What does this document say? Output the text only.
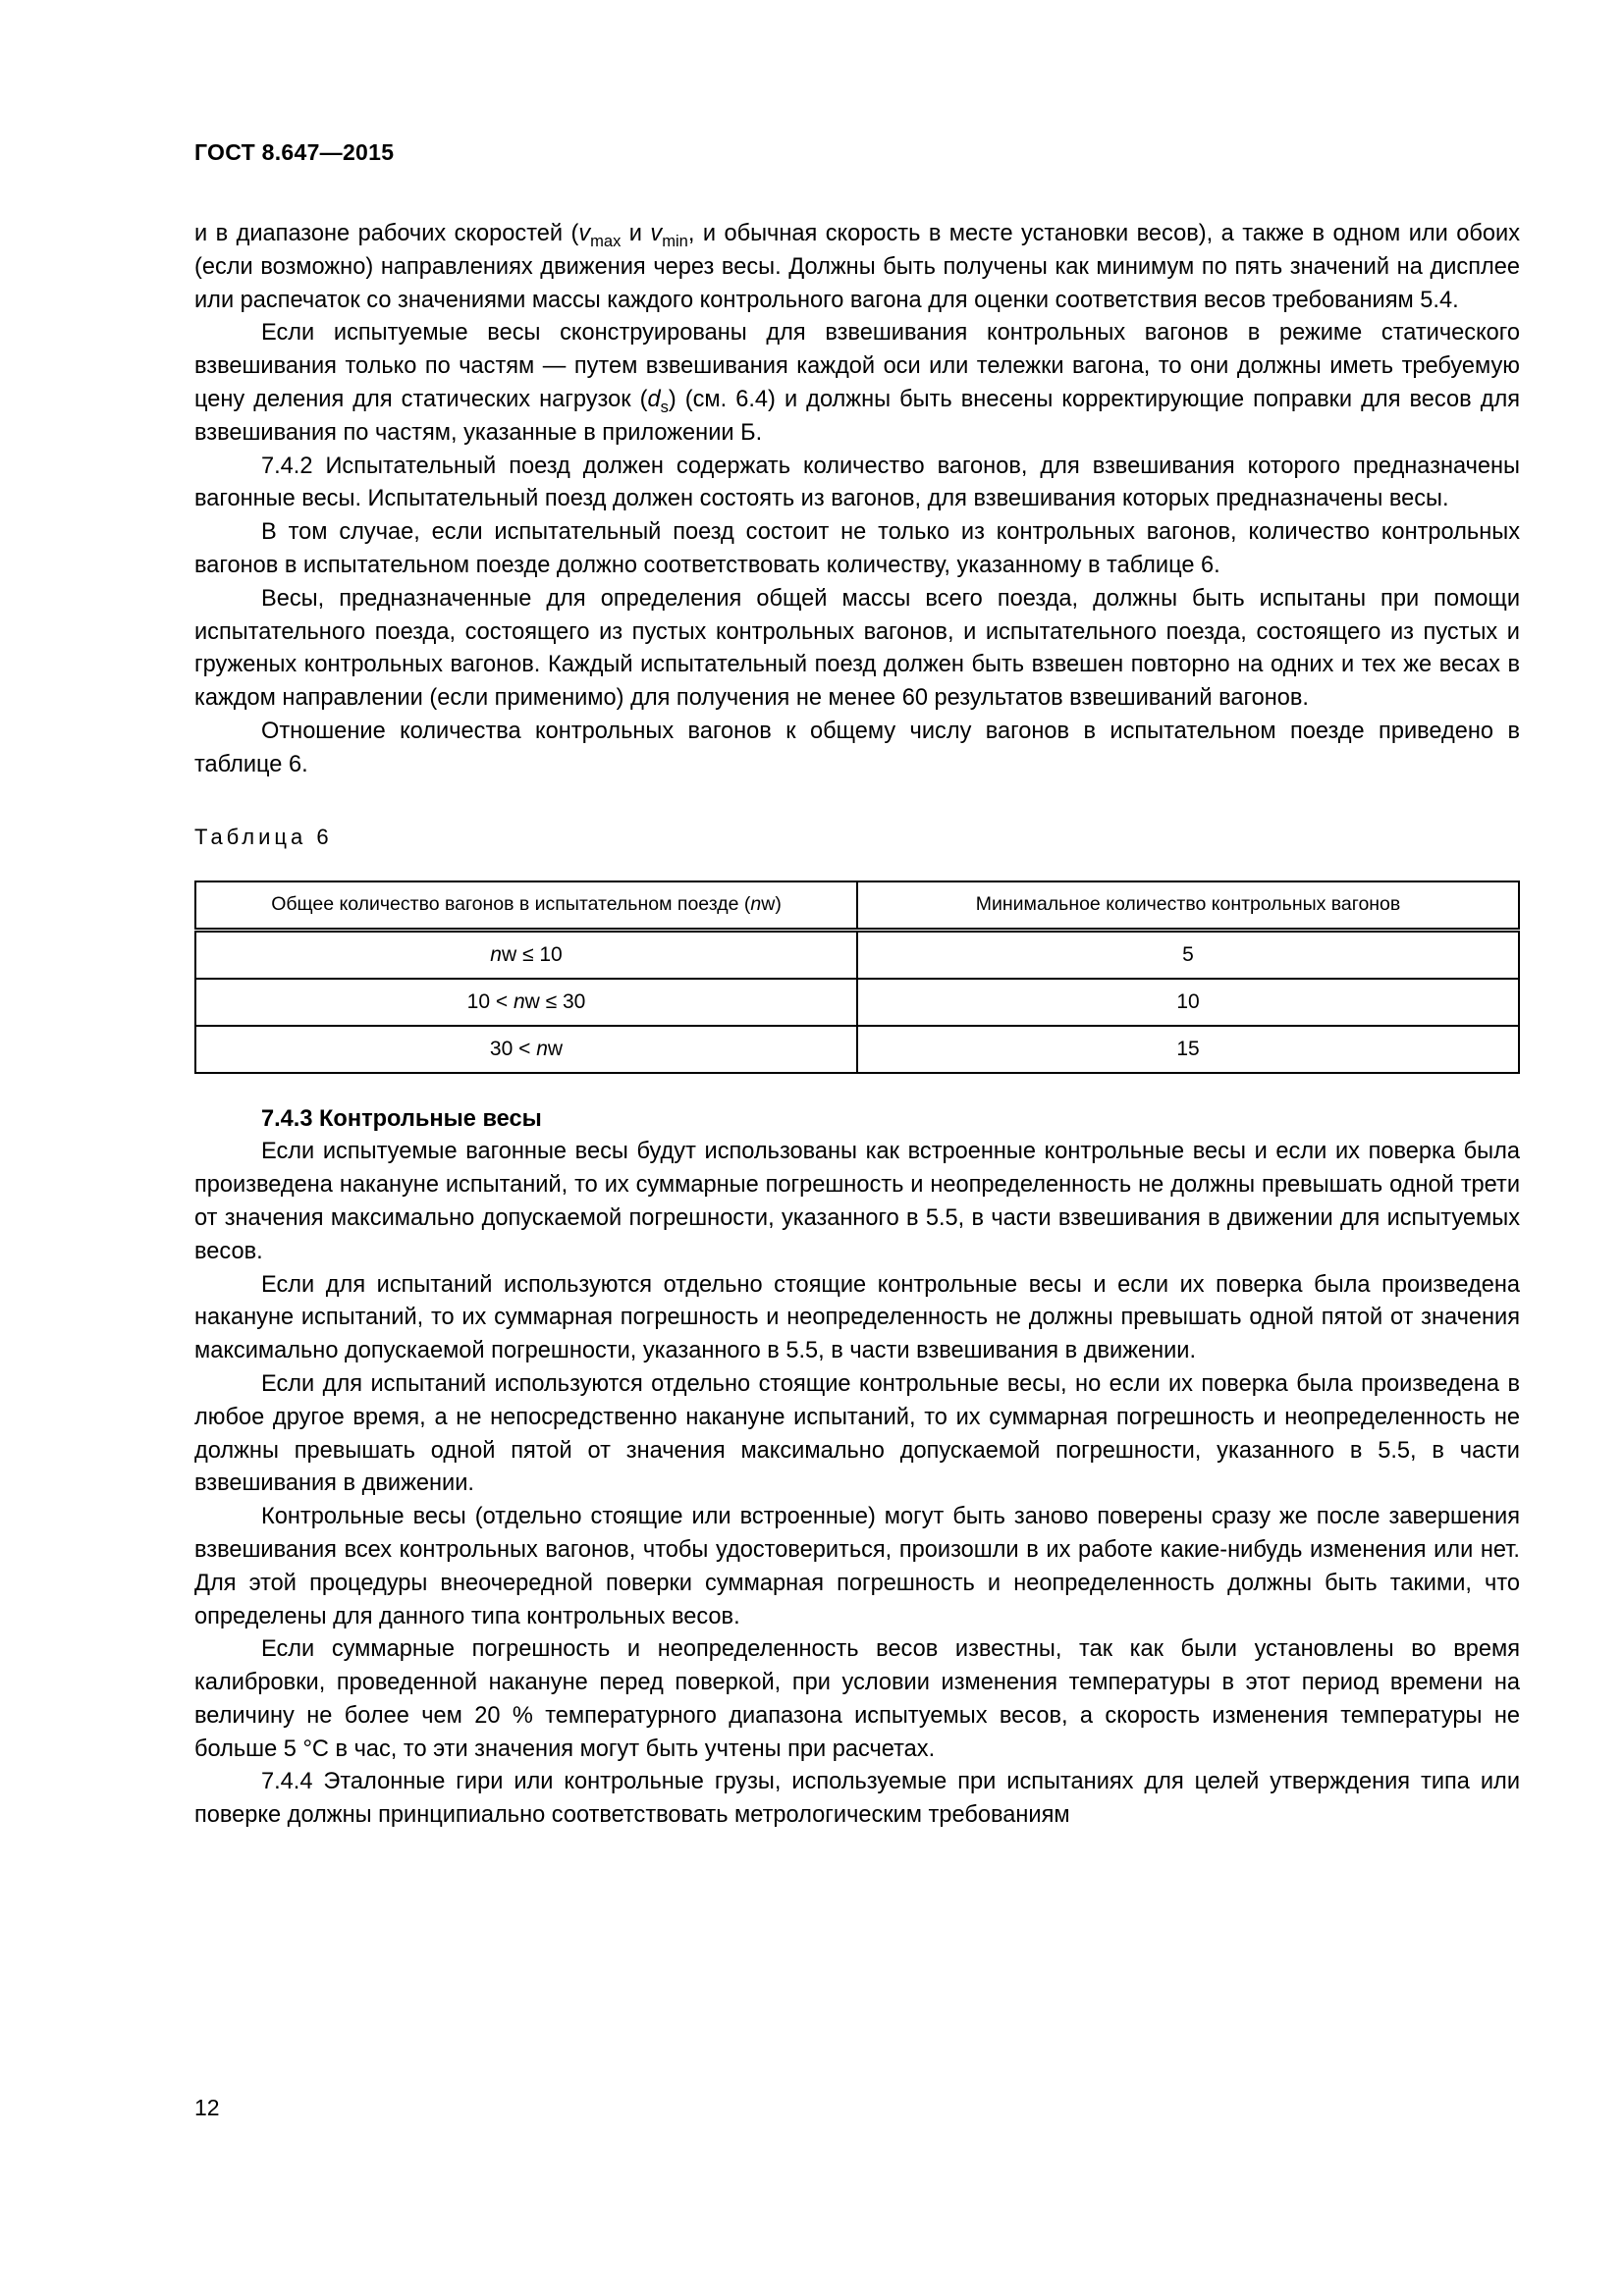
ГОСТ 8.647—2015

и в диапазоне рабочих скоростей ($v_{max}$ и $v_{min}$, и обычная скорость в месте установки весов), а также в одном или обоих (если возможно) направлениях движения через весы. Должны быть получены как минимум по пять значений на дисплее или распечаток со значениями массы каждого контрольного вагона для оценки соответствия весов требованиям 5.4.

Если испытуемые весы сконструированы для взвешивания контрольных вагонов в режиме статического взвешивания только по частям — путем взвешивания каждой оси или тележки вагона, то они должны иметь требуемую цену деления для статических нагрузок $(d_s)$ (см. 6.4) и должны быть внесены корректирующие поправки для весов для взвешивания по частям, указанные в приложении Б.

7.4.2 Испытательный поезд должен содержать количество вагонов, для взвешивания которого предназначены вагонные весы. Испытательный поезд должен состоять из вагонов, для взвешивания которых предназначены весы.

В том случае, если испытательный поезд состоит не только из контрольных вагонов, количество контрольных вагонов в испытательном поезде должно соответствовать количеству, указанному в таблице 6.

Весы, предназначенные для определения общей массы всего поезда, должны быть испытаны при помощи испытательного поезда, состоящего из пустых контрольных вагонов, и испытательного поезда, состоящего из пустых и груженых контрольных вагонов. Каждый испытательный поезд должен быть взвешен повторно на одних и тех же весах в каждом направлении (если применимо) для получения не менее 60 результатов взвешиваний вагонов.

Отношение количества контрольных вагонов к общему числу вагонов в испытательном поезде приведено в таблице 6.

Таблица 6
Общее количество вагонов в испытательном поезде (nw)	Минимальное количество контрольных вагонов
nw ≤ 10	5
10 < nw ≤ 30	10
30 < nw	15
7.4.3 Контрольные весы

Если испытуемые вагонные весы будут использованы как встроенные контрольные весы и если их поверка была произведена накануне испытаний, то их суммарные погрешность и неопределенность не должны превышать одной трети от значения максимально допускаемой погрешности, указанного в 5.5, в части взвешивания в движении для испытуемых весов.

Если для испытаний используются отдельно стоящие контрольные весы и если их поверка была произведена накануне испытаний, то их суммарная погрешность и неопределенность не должны превышать одной пятой от значения максимально допускаемой погрешности, указанного в 5.5, в части взвешивания в движении.

Если для испытаний используются отдельно стоящие контрольные весы, но если их поверка была произведена в любое другое время, а не непосредственно накануне испытаний, то их суммарная погрешность и неопределенность не должны превышать одной пятой от значения максимально допускаемой погрешности, указанного в 5.5, в части взвешивания в движении.

Контрольные весы (отдельно стоящие или встроенные) могут быть заново поверены сразу же после завершения взвешивания всех контрольных вагонов, чтобы удостовериться, произошли в их работе какие-нибудь изменения или нет. Для этой процедуры внеочередной поверки суммарная погрешность и неопределенность должны быть такими, что определены для данного типа контрольных весов.

Если суммарные погрешность и неопределенность весов известны, так как были установлены во время калибровки, проведенной накануне перед поверкой, при условии изменения температуры в этот период времени на величину не более чем 20 % температурного диапазона испытуемых весов, а скорость изменения температуры не больше 5 °С в час, то эти значения могут быть учтены при расчетах.

7.4.4 Эталонные гири или контрольные грузы, используемые при испытаниях для целей утверждения типа или поверке должны принципиально соответствовать метрологическим требованиям

12
